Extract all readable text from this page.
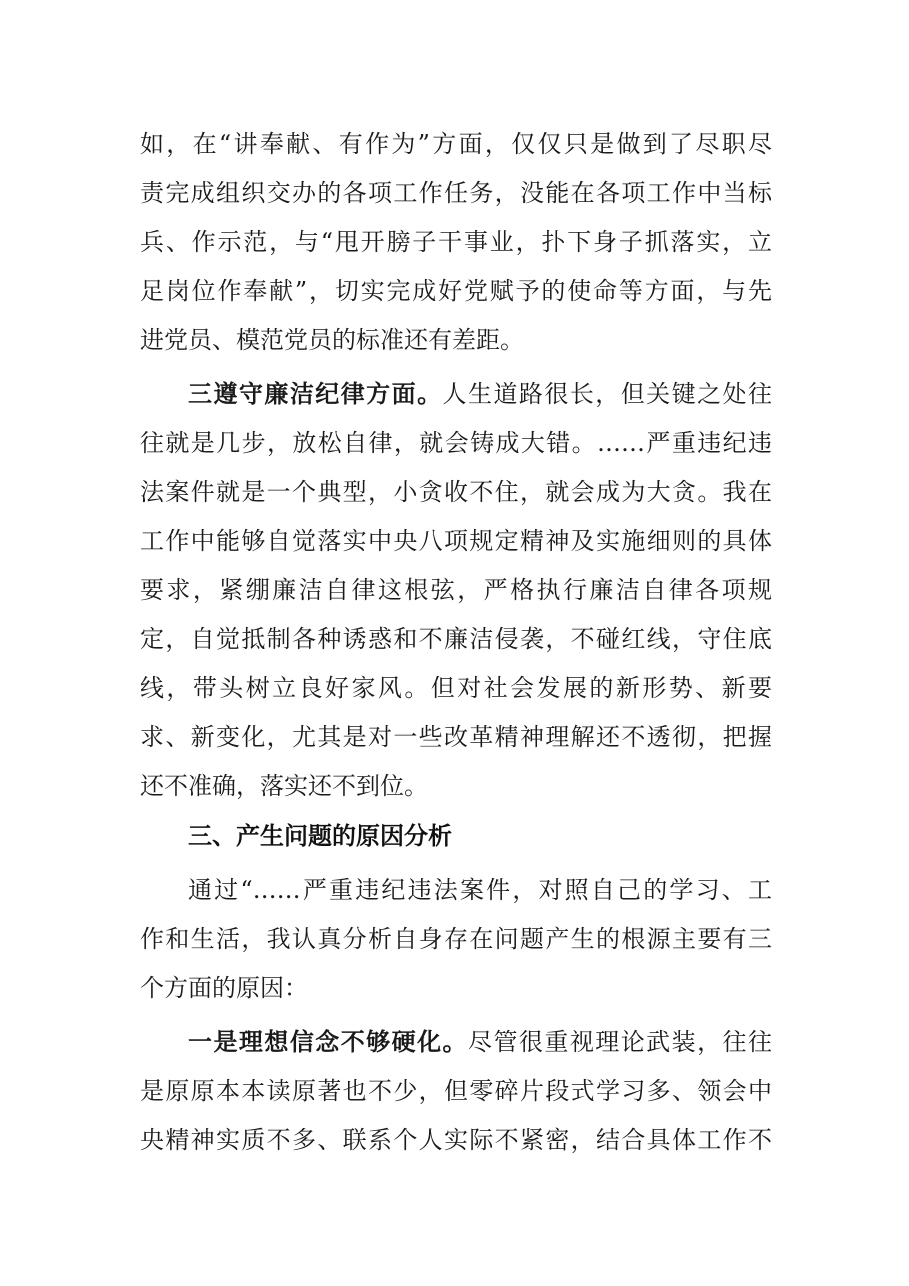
如，在“讲奉献、有作为”方面，仅仅只是做到了尽职尽
责完成组织交办的各项工作任务，没能在各项工作中当标
兵、作示范，与“甩开膀子干事业，扑下身子抓落实，立
足岗位作奉献”，切实完成好党赋予的使命等方面，与先
进党员、模范党员的标准还有差距。
三遵守廉洁纪律方面。人生道路很长，但关键之处往
往就是几步，放松自律，就会铸成大错。……严重违纪违
法案件就是一个典型，小贪收不住，就会成为大贪。我在
工作中能够自觉落实中央八项规定精神及实施细则的具体
要求，紧绷廉洁自律这根弦，严格执行廉洁自律各项规
定，自觉抵制各种诱惑和不廉洁侵袭，不碰红线，守住底
线，带头树立良好家风。但对社会发展的新形势、新要
求、新变化，尤其是对一些改革精神理解还不透彻，把握
还不准确，落实还不到位。
三、产生问题的原因分析
通过“……严重违纪违法案件，对照自己的学习、工
作和生活，我认真分析自身存在问题产生的根源主要有三
个方面的原因：
一是理想信念不够硬化。尽管很重视理论武装，往往
是原原本本读原著也不少，但零碎片段式学习多、领会中
央精神实质不多、联系个人实际不紧密，结合具体工作不
